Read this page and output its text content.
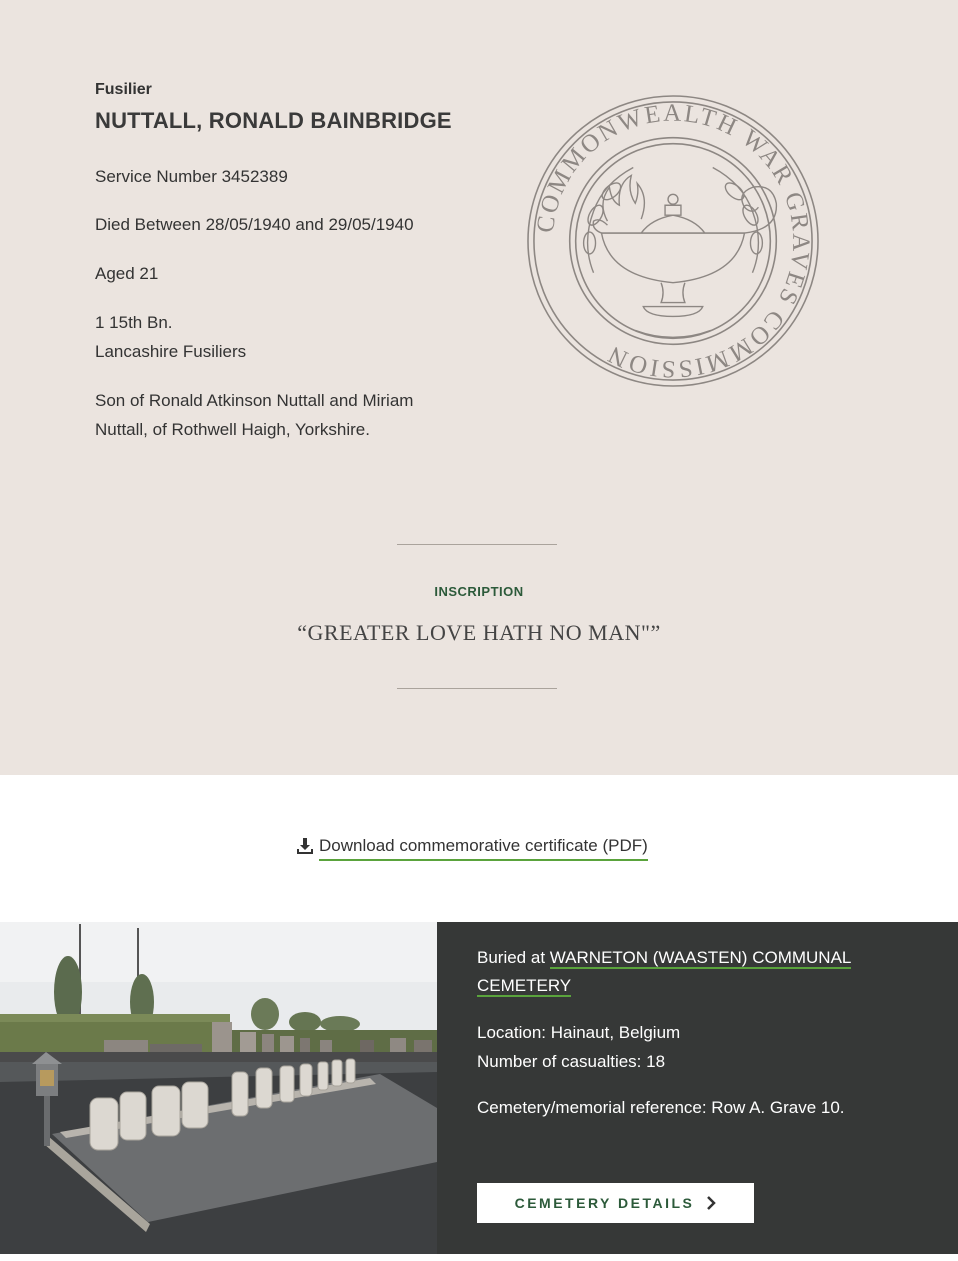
Fusilier
NUTTALL, RONALD BAINBRIDGE
Service Number 3452389
Died Between 28/05/1940 and 29/05/1940
Aged 21
1 15th Bn.
Lancashire Fusiliers
Son of Ronald Atkinson Nuttall and Miriam Nuttall, of Rothwell Haigh, Yorkshire.
COMMONWEALTH WAR GRAVES COMMISSION
INSCRIPTION
“GREATER LOVE HATH NO MAN"”
Download commemorative certificate (PDF)
Buried at WARNETON (WAASTEN) COMMUNAL CEMETERY
Location: Hainaut, Belgium
Number of casualties: 18
Cemetery/memorial reference: Row A. Grave 10.
CEMETERY DETAILS
